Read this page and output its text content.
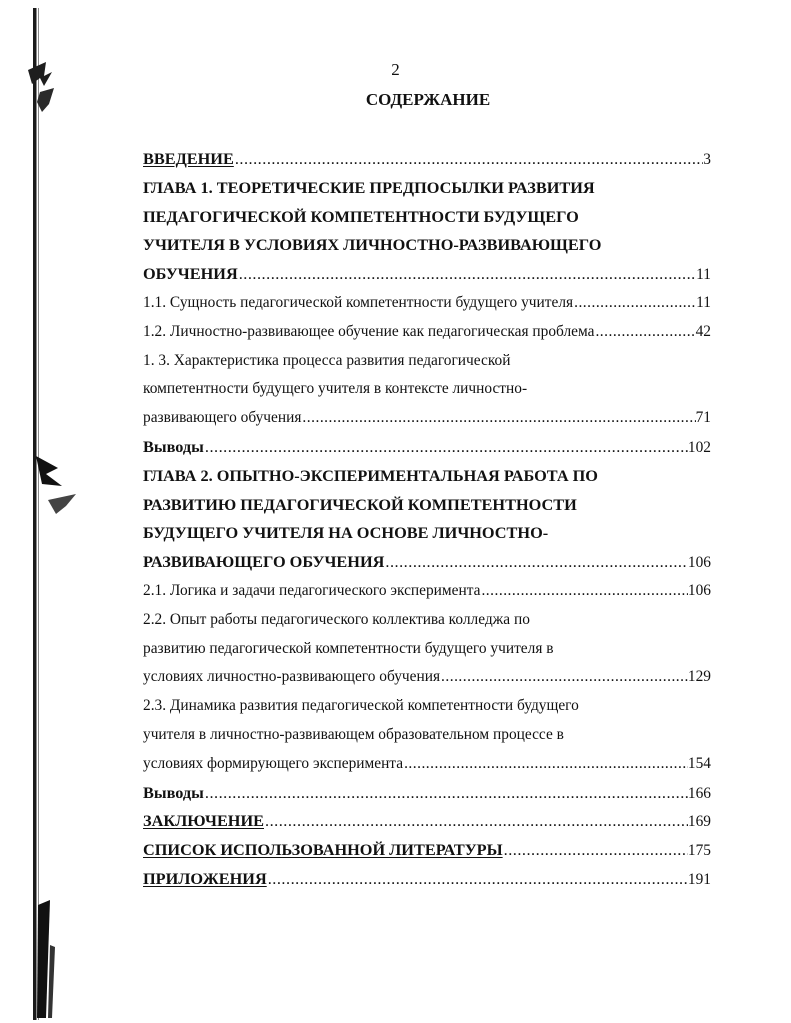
2
СОДЕРЖАНИЕ
ВВЕДЕНИЕ .....	3
ГЛАВА 1. ТЕОРЕТИЧЕСКИЕ ПРЕДПОСЫЛКИ РАЗВИТИЯ
ПЕДАГОГИЧЕСКОЙ КОМПЕТЕНТНОСТИ БУДУЩЕГО
УЧИТЕЛЯ В УСЛОВИЯХ ЛИЧНОСТНО-РАЗВИВАЮЩЕГО
ОБУЧЕНИЯ .....	11
1.1. Сущность педагогической компетентности будущего учителя .....	11
1.2. Личностно-развивающее обучение как педагогическая проблема .....	42
1. 3. Характеристика процесса развития педагогической
компетентности будущего учителя в контексте личностно-
развивающего обучения .....	71
Выводы .....	102
ГЛАВА 2. ОПЫТНО-ЭКСПЕРИМЕНТАЛЬНАЯ РАБОТА ПО
РАЗВИТИЮ ПЕДАГОГИЧЕСКОЙ КОМПЕТЕНТНОСТИ
БУДУЩЕГО УЧИТЕЛЯ НА ОСНОВЕ ЛИЧНОСТНО-
РАЗВИВАЮЩЕГО ОБУЧЕНИЯ .....	106
2.1. Логика и задачи педагогического эксперимента .....	106
2.2. Опыт работы педагогического коллектива колледжа по
развитию педагогической компетентности будущего учителя в
условиях личностно-развивающего обучения .....	129
2.3. Динамика развития педагогической компетентности будущего
учителя в личностно-развивающем образовательном процессе в
условиях формирующего эксперимента .....	154
Выводы .....	166
ЗАКЛЮЧЕНИЕ .....	169
СПИСОК ИСПОЛЬЗОВАННОЙ ЛИТЕРАТУРЫ .....	175
ПРИЛОЖЕНИЯ .....	191
